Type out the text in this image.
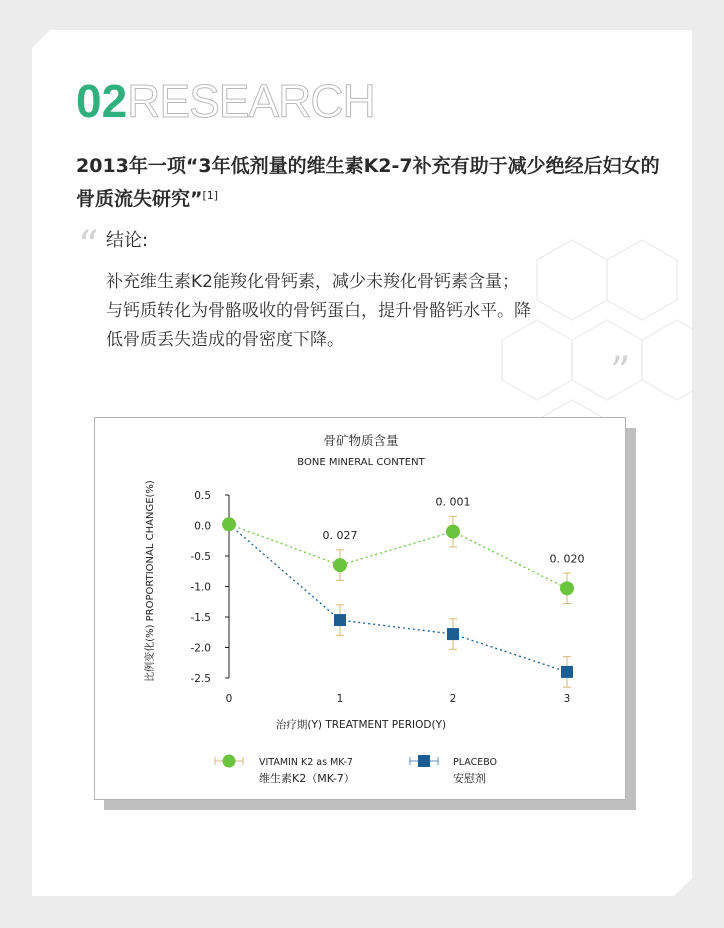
02RESEARCH
2013年一项“3年低剂量的维生素K2-7补充有助于减少绝经后妇女的骨质流失研究”[1]
“ 结论:
补充维生素K2能羧化骨钙素，减少未羧化骨钙素含量；
与钙质转化为骨骼吸收的骨钙蛋白，提升骨骼钙水平。降
低骨质丢失造成的骨密度下降。
”
骨矿物质含量
BONE MINERAL CONTENT
比例变化(%) PROPORTIONAL CHANGE(%)
治疗期(Y) TREATMENT PERIOD(Y)
0.5
0.0
-0.5
-1.0
-1.5
-2.0
-2.5
0	1	2	3
0. 027
0. 001
0. 020
VITAMIN K2 as MK-7
维生素K2（MK-7）
PLACEBO
安慰剂
